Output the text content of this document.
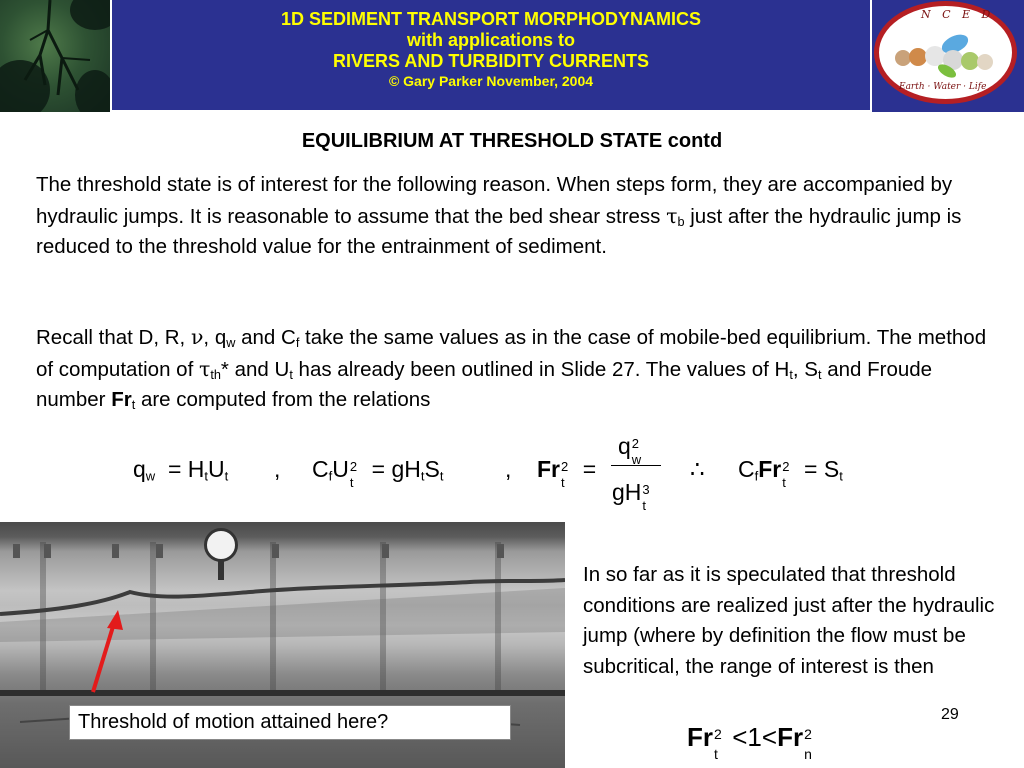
1D SEDIMENT TRANSPORT MORPHODYNAMICS
with applications to
RIVERS AND TURBIDITY CURRENTS
© Gary Parker November, 2004
N C E D
Earth · Water · Life
EQUILIBRIUM AT THRESHOLD STATE contd
The threshold state is of interest for the following reason. When steps form, they are accompanied by hydraulic jumps. It is reasonable to assume that the bed shear stress $\tau_b$ just after the hydraulic jump is reduced to the threshold value for the entrainment of sediment.
Recall that D, R, ν, $q_w$ and $C_f$ take the same values as in the case of mobile-bed equilibrium. The method of computation of $\tau_{th}*$ and $U_t$ has already been outlined in Slide 27. The values of $H_t$, $S_t$ and Froude number $Fr_t$ are computed from the relations
$q_w = H_tU_t$ , $C_fU$ 2
t
= $gH_tS_t$	, Fr 2
t
=
q 2
w
gH 3
t
∴ $C_fFr$ 2
t
= $S_t$
Threshold of motion attained here?
In so far as it is speculated that threshold conditions are realized just after the hydraulic jump (where by definition the flow must be subcritical, the range of interest is then
29
Fr 2
t
<1<Fr 2
n
